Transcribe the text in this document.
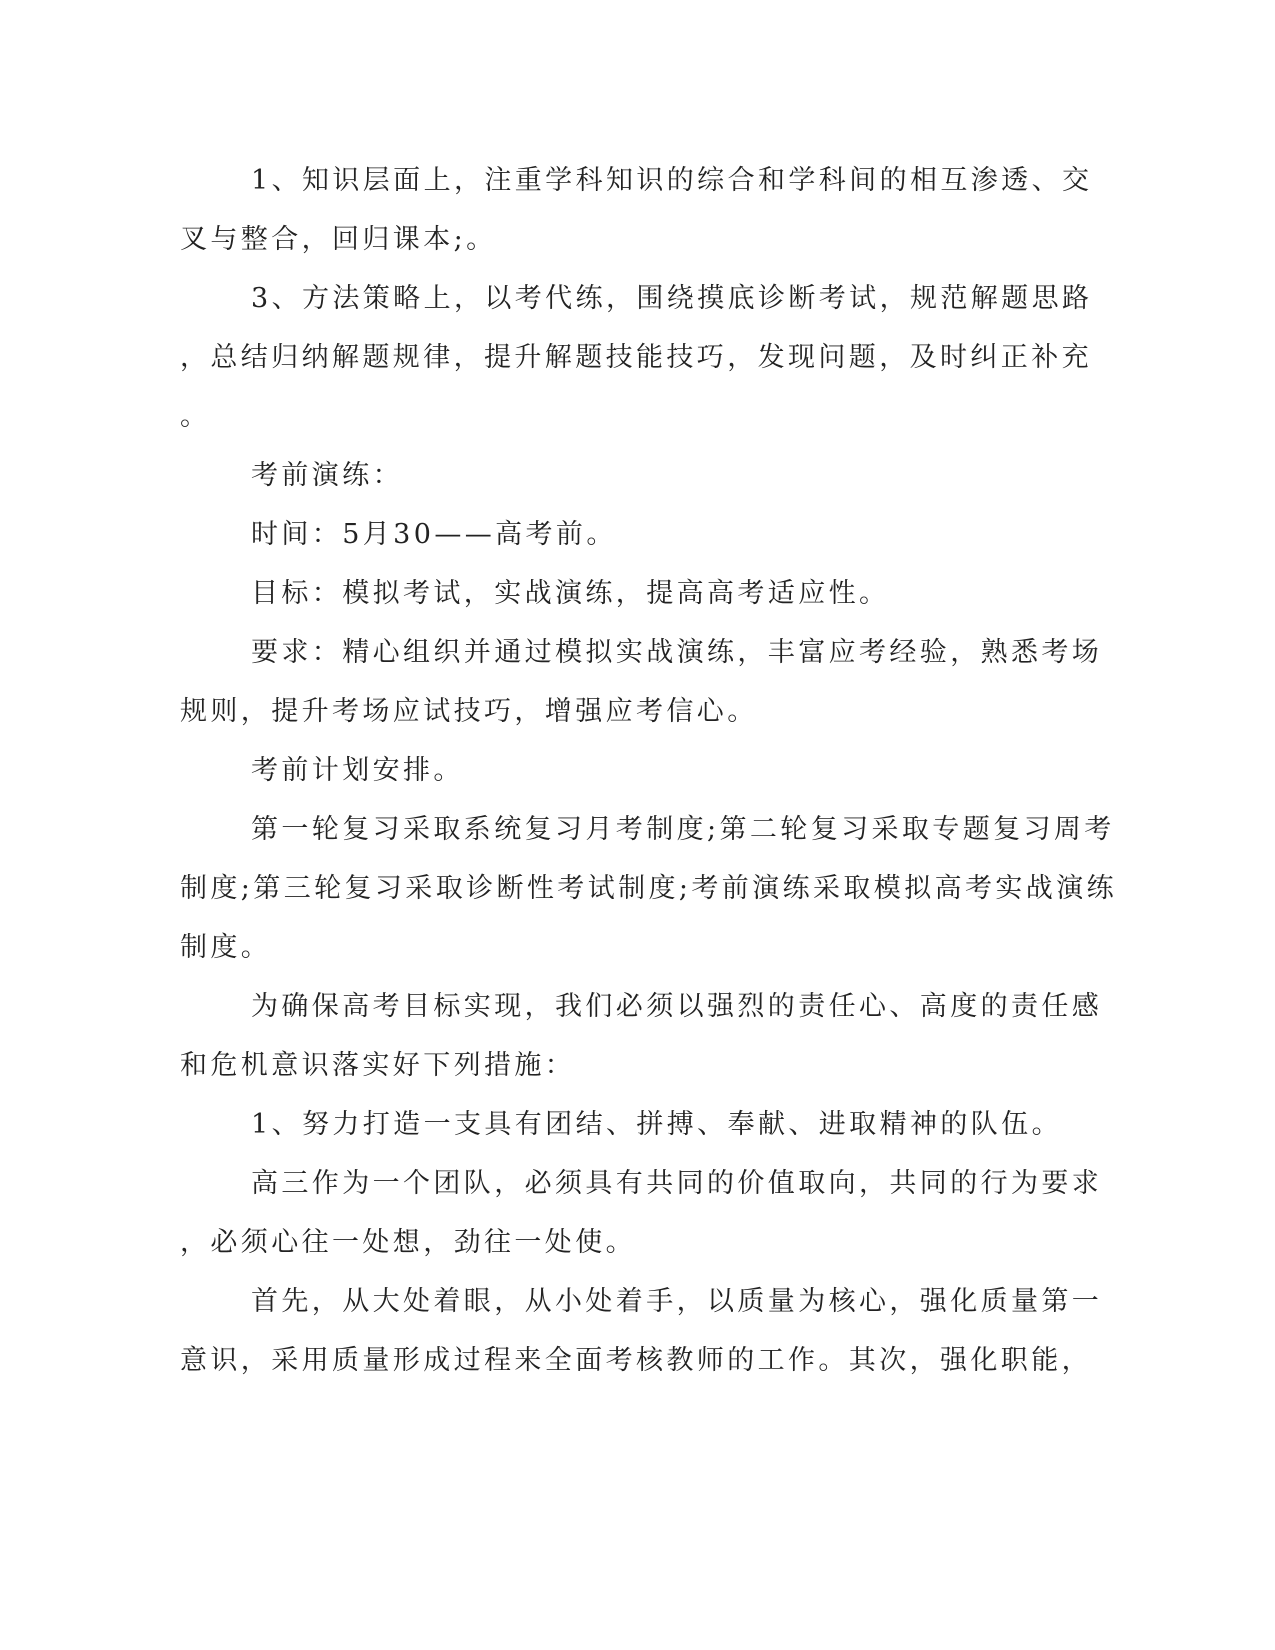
1、知识层面上，注重学科知识的综合和学科间的相互渗透、交
叉与整合，回归课本;。
3、方法策略上，以考代练，围绕摸底诊断考试，规范解题思路
，总结归纳解题规律，提升解题技能技巧，发现问题，及时纠正补充
。
考前演练：
时间：5月30——高考前。
目标：模拟考试，实战演练，提高高考适应性。
要求：精心组织并通过模拟实战演练，丰富应考经验，熟悉考场
规则，提升考场应试技巧，增强应考信心。
考前计划安排。
第一轮复习采取系统复习月考制度;第二轮复习采取专题复习周考
制度;第三轮复习采取诊断性考试制度;考前演练采取模拟高考实战演练
制度。
为确保高考目标实现，我们必须以强烈的责任心、高度的责任感
和危机意识落实好下列措施：
1、努力打造一支具有团结、拼搏、奉献、进取精神的队伍。
高三作为一个团队，必须具有共同的价值取向，共同的行为要求
，必须心往一处想，劲往一处使。
首先，从大处着眼，从小处着手，以质量为核心，强化质量第一
意识，采用质量形成过程来全面考核教师的工作。其次，强化职能，
